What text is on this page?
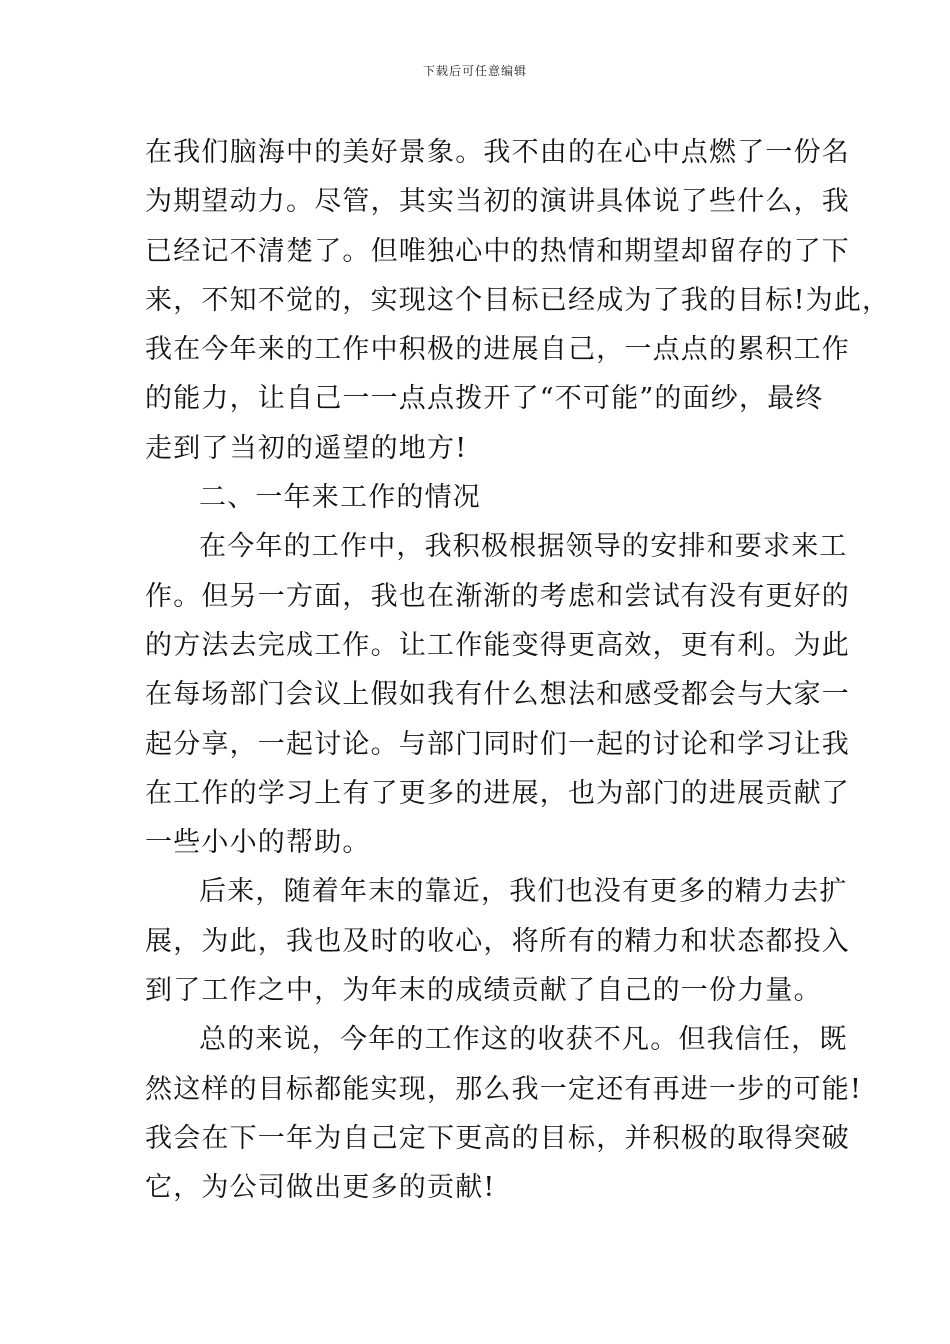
下载后可任意编辑
在我们脑海中的美好景象。我不由的在心中点燃了一份名
为期望动力。尽管，其实当初的演讲具体说了些什么，我
已经记不清楚了。但唯独心中的热情和期望却留存的了下
来，不知不觉的，实现这个目标已经成为了我的目标!为此，
我在今年来的工作中积极的进展自己，一点点的累积工作
的能力，让自己一一点点拨开了“不可能”的面纱，最终
走到了当初的遥望的地方!
二、一年来工作的情况
在今年的工作中，我积极根据领导的安排和要求来工
作。但另一方面，我也在渐渐的考虑和尝试有没有更好的
的方法去完成工作。让工作能变得更高效，更有利。为此
在每场部门会议上假如我有什么想法和感受都会与大家一
起分享，一起讨论。与部门同时们一起的讨论和学习让我
在工作的学习上有了更多的进展，也为部门的进展贡献了
一些小小的帮助。
后来，随着年末的靠近，我们也没有更多的精力去扩
展，为此，我也及时的收心，将所有的精力和状态都投入
到了工作之中，为年末的成绩贡献了自己的一份力量。
总的来说，今年的工作这的收获不凡。但我信任，既
然这样的目标都能实现，那么我一定还有再进一步的可能!
我会在下一年为自己定下更高的目标，并积极的取得突破
它，为公司做出更多的贡献!
